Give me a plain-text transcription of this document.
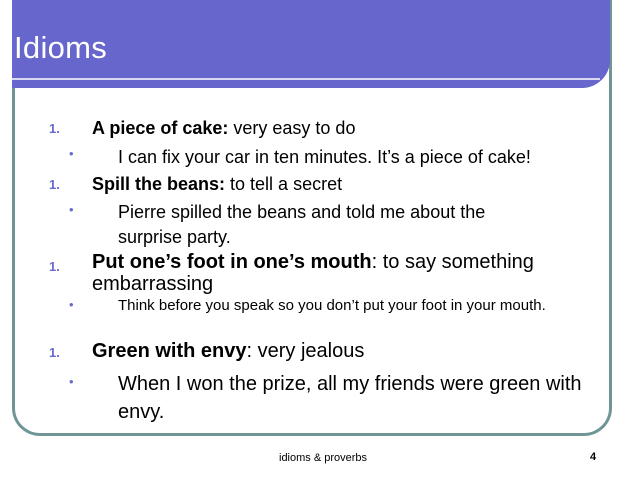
Idioms
1. A piece of cake: very easy to do
• I can fix your car in ten minutes. It’s a piece of cake!
1. Spill the beans: to tell a secret
• Pierre spilled the beans and told me about the surprise party.
1. Put one’s foot in one’s mouth: to say something embarrassing
•	Think before you speak so you don’t put your foot in your mouth.
1. Green with envy: very jealous
• When I won the prize, all my friends were green with envy.
idioms & proverbs	4
